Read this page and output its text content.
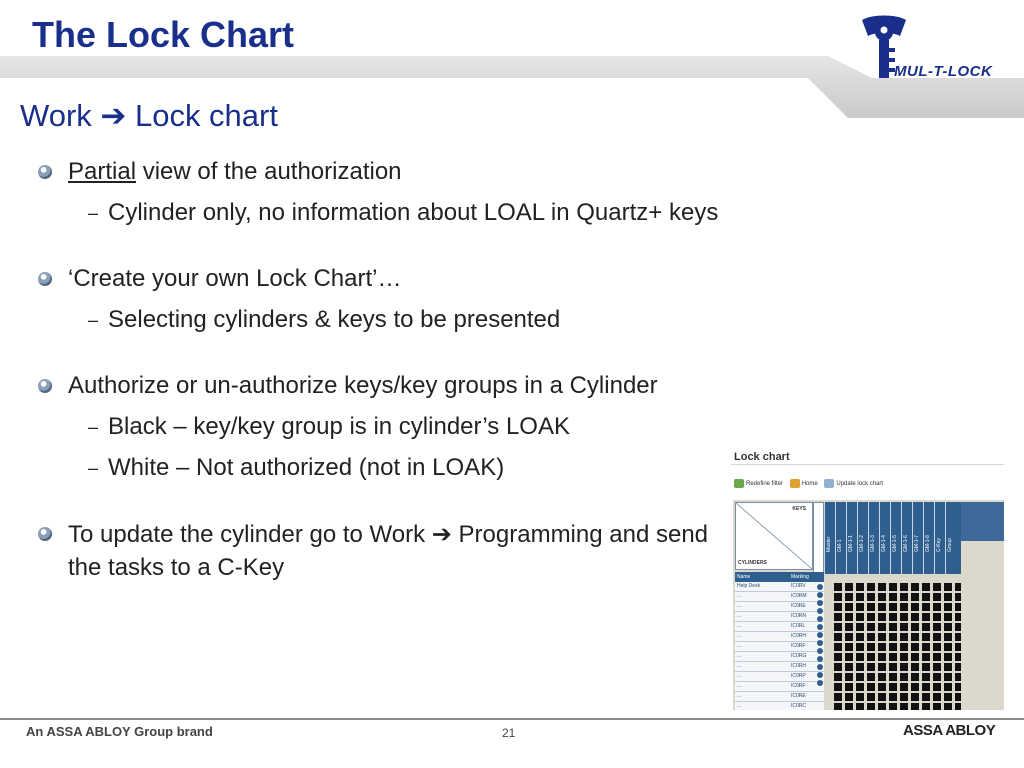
The Lock Chart
MUL-T-LOCK
Work ➔ Lock chart
Partial view of the authorization
– Cylinder only, no information about LOAL in Quartz+ keys
‘Create your own Lock Chart’…
– Selecting cylinders & keys to be presented
Authorize or un-authorize keys/key groups in a Cylinder
– Black – key/key group is in cylinder’s LOAK
– White – Not authorized (not in LOAK)
To update the cylinder go to Work ➔ Programming and send the tasks to a C-Key
Lock chart
Redefine filter	Home	Update lock chart
KEYS
CYLINDERS
Master GM-1 GM-1-1 GM-1-2 GM-1-3 GM-1-4 GM-1-5 GM-1-6 GM-1-7 GM-1-8 C-Key Group
Name	Marking
Help Desk	IC0RV
...	IC0RM
...	IC0RE
...	IC0RN
...	IC0RL
...	IC0RH
...	IC0RF
...	IC0RG
...	IC0RH
...	IC0RP
...	IC0RF
...	IC0RE
...	IC0RC
An ASSA ABLOY Group brand	21	ASSA ABLOY
